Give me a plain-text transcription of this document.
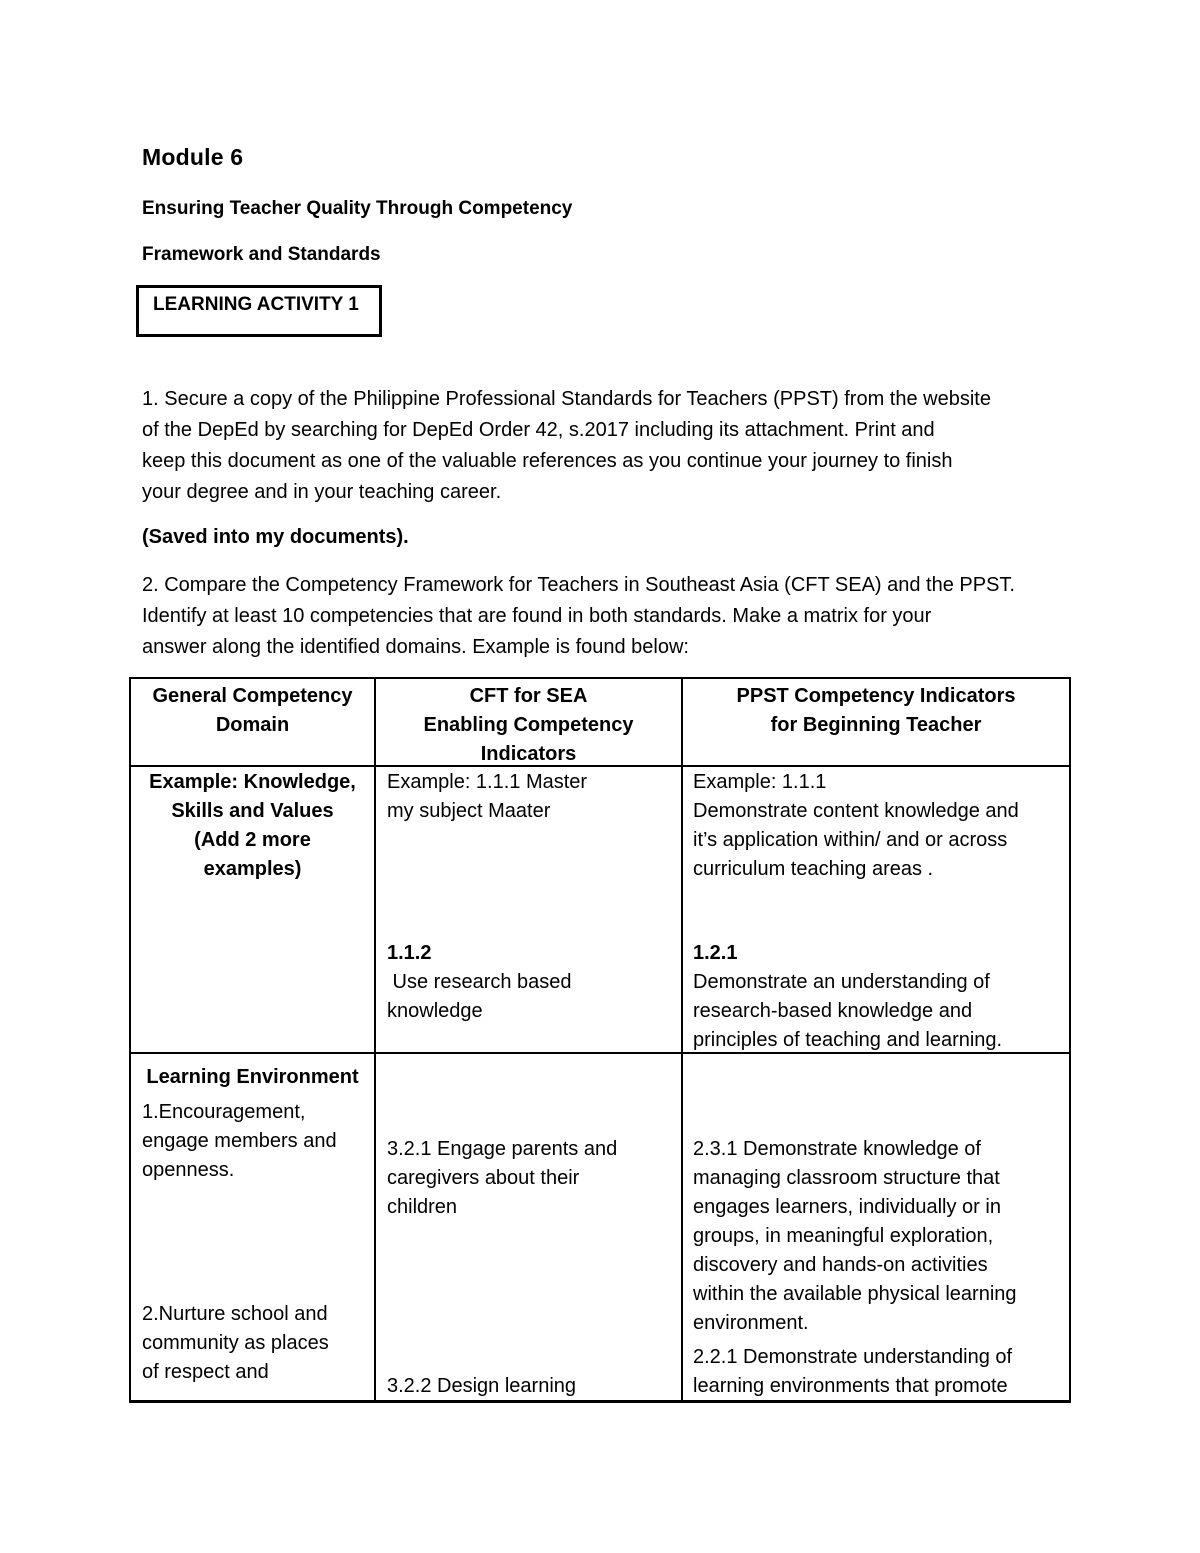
Module 6

Ensuring Teacher Quality Through Competency

Framework and Standards

LEARNING ACTIVITY 1
1. Secure a copy of the Philippine Professional Standards for Teachers (PPST) from the website
of the DepEd by searching for DepEd Order 42, s.2017 including its attachment. Print and
keep this document as one of the valuable references as you continue your journey to finish
your degree and in your teaching career.

(Saved into my documents).

2. Compare the Competency Framework for Teachers in Southeast Asia (CFT SEA) and the PPST.
Identify at least 10 competencies that are found in both standards. Make a matrix for your
answer along the identified domains. Example is found below:
General Competency
Domain
CFT for SEA
Enabling Competency
Indicators
PPST Competency Indicators
for Beginning Teacher
Example: Knowledge,
Skills and Values
(Add 2 more
examples)
Example: 1.1.1 Master
my subject Maater
1.1.2
Use research based
knowledge
Example: 1.1.1
Demonstrate content knowledge and
it’s application within/ and or across
curriculum teaching areas .
1.2.1
Demonstrate an understanding of
research-based knowledge and
principles of teaching and learning.
Learning Environment
1.Encouragement,
engage members and
openness.
2.Nurture school and
community as places
of respect and
3.2.1 Engage parents and
caregivers about their
children
3.2.2 Design learning
2.3.1 Demonstrate knowledge of
managing classroom structure that
engages learners, individually or in
groups, in meaningful exploration,
discovery and hands-on activities
within the available physical learning
environment.
2.2.1 Demonstrate understanding of
learning environments that promote
